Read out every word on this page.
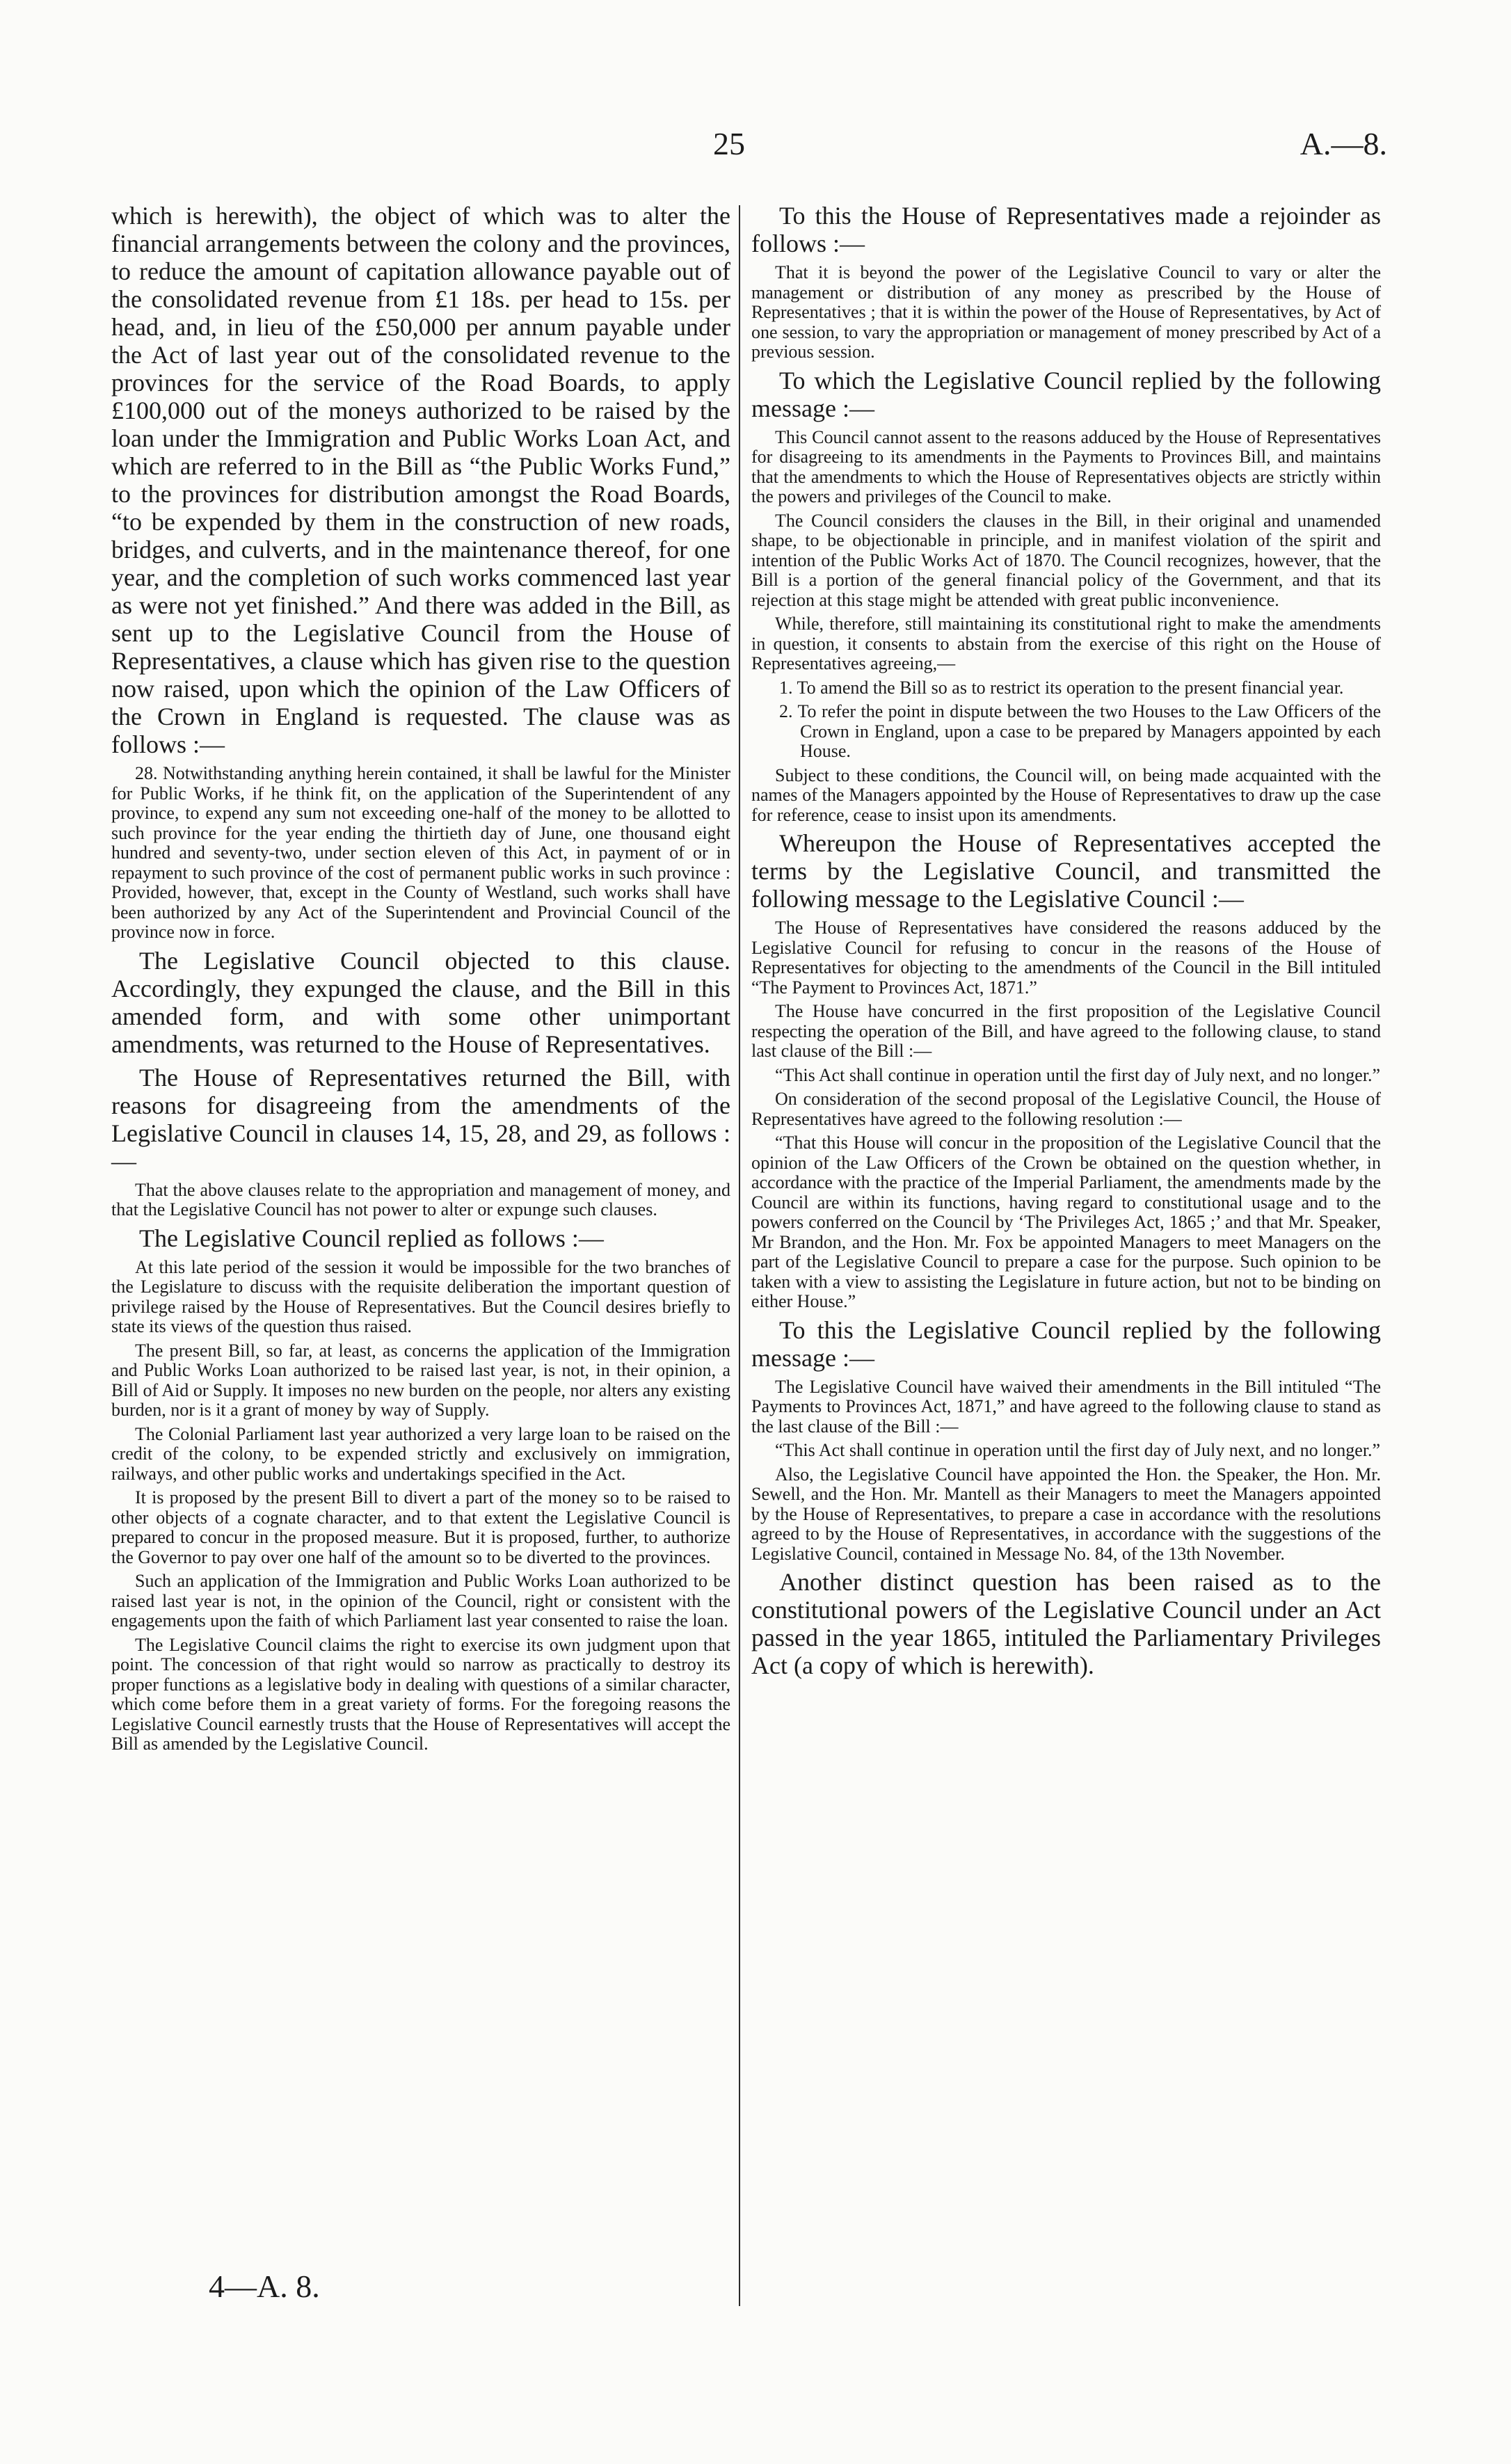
25	A.—8.

which is herewith), the object of which was to alter the financial arrangements between the colony and the provinces, to reduce the amount of capitation allowance payable out of the consolidated revenue from £1 18s. per head to 15s. per head, and, in lieu of the £50,000 per annum payable under the Act of last year out of the consolidated revenue to the provinces for the service of the Road Boards, to apply £100,000 out of the moneys authorized to be raised by the loan under the Immigration and Public Works Loan Act, and which are referred to in the Bill as “the Public Works Fund,” to the provinces for distribution amongst the Road Boards, “to be expended by them in the construction of new roads, bridges, and culverts, and in the maintenance thereof, for one year, and the completion of such works commenced last year as were not yet finished.” And there was added in the Bill, as sent up to the Legislative Council from the House of Representatives, a clause which has given rise to the question now raised, upon which the opinion of the Law Officers of the Crown in England is requested. The clause was as follows :—

28. Notwithstanding anything herein contained, it shall be lawful for the Minister for Public Works, if he think fit, on the application of the Superintendent of any province, to expend any sum not exceeding one-half of the money to be allotted to such province for the year ending the thirtieth day of June, one thousand eight hundred and seventy-two, under section eleven of this Act, in payment of or in repayment to such province of the cost of permanent public works in such province : Provided, however, that, except in the County of Westland, such works shall have been authorized by any Act of the Superintendent and Provincial Council of the province now in force.

The Legislative Council objected to this clause. Accordingly, they expunged the clause, and the Bill in this amended form, and with some other unimportant amendments, was returned to the House of Representatives.

The House of Representatives returned the Bill, with reasons for disagreeing from the amendments of the Legislative Council in clauses 14, 15, 28, and 29, as follows :—

That the above clauses relate to the appropriation and management of money, and that the Legislative Council has not power to alter or expunge such clauses.

The Legislative Council replied as follows :—

At this late period of the session it would be impossible for the two branches of the Legislature to discuss with the requisite deliberation the important question of privilege raised by the House of Representatives. But the Council desires briefly to state its views of the question thus raised.

The present Bill, so far, at least, as concerns the application of the Immigration and Public Works Loan authorized to be raised last year, is not, in their opinion, a Bill of Aid or Supply. It imposes no new burden on the people, nor alters any existing burden, nor is it a grant of money by way of Supply.

The Colonial Parliament last year authorized a very large loan to be raised on the credit of the colony, to be expended strictly and exclusively on immigration, railways, and other public works and undertakings specified in the Act.

It is proposed by the present Bill to divert a part of the money so to be raised to other objects of a cognate character, and to that extent the Legislative Council is prepared to concur in the proposed measure. But it is proposed, further, to authorize the Governor to pay over one half of the amount so to be diverted to the provinces.

Such an application of the Immigration and Public Works Loan authorized to be raised last year is not, in the opinion of the Council, right or consistent with the engagements upon the faith of which Parliament last year consented to raise the loan.

The Legislative Council claims the right to exercise its own judgment upon that point. The concession of that right would so narrow as practically to destroy its proper functions as a legislative body in dealing with questions of a similar character, which come before them in a great variety of forms. For the foregoing reasons the Legislative Council earnestly trusts that the House of Representatives will accept the Bill as amended by the Legislative Council.

To this the House of Representatives made a rejoinder as follows :—

That it is beyond the power of the Legislative Council to vary or alter the management or distribution of any money as prescribed by the House of Representatives ; that it is within the power of the House of Representatives, by Act of one session, to vary the appropriation or management of money prescribed by Act of a previous session.

To which the Legislative Council replied by the following message :—

This Council cannot assent to the reasons adduced by the House of Representatives for disagreeing to its amendments in the Payments to Provinces Bill, and maintains that the amendments to which the House of Representatives objects are strictly within the powers and privileges of the Council to make.

The Council considers the clauses in the Bill, in their original and unamended shape, to be objectionable in principle, and in manifest violation of the spirit and intention of the Public Works Act of 1870. The Council recognizes, however, that the Bill is a portion of the general financial policy of the Government, and that its rejection at this stage might be attended with great public inconvenience.

While, therefore, still maintaining its constitutional right to make the amendments in question, it consents to abstain from the exercise of this right on the House of Representatives agreeing,—

1. To amend the Bill so as to restrict its operation to the present financial year.

2. To refer the point in dispute between the two Houses to the Law Officers of the Crown in England, upon a case to be prepared by Managers appointed by each House.

Subject to these conditions, the Council will, on being made acquainted with the names of the Managers appointed by the House of Representatives to draw up the case for reference, cease to insist upon its amendments.

Whereupon the House of Representatives accepted the terms by the Legislative Council, and transmitted the following message to the Legislative Council :—

The House of Representatives have considered the reasons adduced by the Legislative Council for refusing to concur in the reasons of the House of Representatives for objecting to the amendments of the Council in the Bill intituled “The Payment to Provinces Act, 1871.”

The House have concurred in the first proposition of the Legislative Council respecting the operation of the Bill, and have agreed to the following clause, to stand last clause of the Bill :—

“This Act shall continue in operation until the first day of July next, and no longer.”

On consideration of the second proposal of the Legislative Council, the House of Representatives have agreed to the following resolution :—

“That this House will concur in the proposition of the Legislative Council that the opinion of the Law Officers of the Crown be obtained on the question whether, in accordance with the practice of the Imperial Parliament, the amendments made by the Council are within its functions, having regard to constitutional usage and to the powers conferred on the Council by ‘The Privileges Act, 1865 ;’ and that Mr. Speaker, Mr Brandon, and the Hon. Mr. Fox be appointed Managers to meet Managers on the part of the Legislative Council to prepare a case for the purpose. Such opinion to be taken with a view to assisting the Legislature in future action, but not to be binding on either House.”

To this the Legislative Council replied by the following message :—

The Legislative Council have waived their amendments in the Bill intituled “The Payments to Provinces Act, 1871,” and have agreed to the following clause to stand as the last clause of the Bill :—

“This Act shall continue in operation until the first day of July next, and no longer.”

Also, the Legislative Council have appointed the Hon. the Speaker, the Hon. Mr. Sewell, and the Hon. Mr. Mantell as their Managers to meet the Managers appointed by the House of Representatives, to prepare a case in accordance with the resolutions agreed to by the House of Representatives, in accordance with the suggestions of the Legislative Council, contained in Message No. 84, of the 13th November.

Another distinct question has been raised as to the constitutional powers of the Legislative Council under an Act passed in the year 1865, intituled the Parliamentary Privileges Act (a copy of which is herewith).

4—A. 8.
